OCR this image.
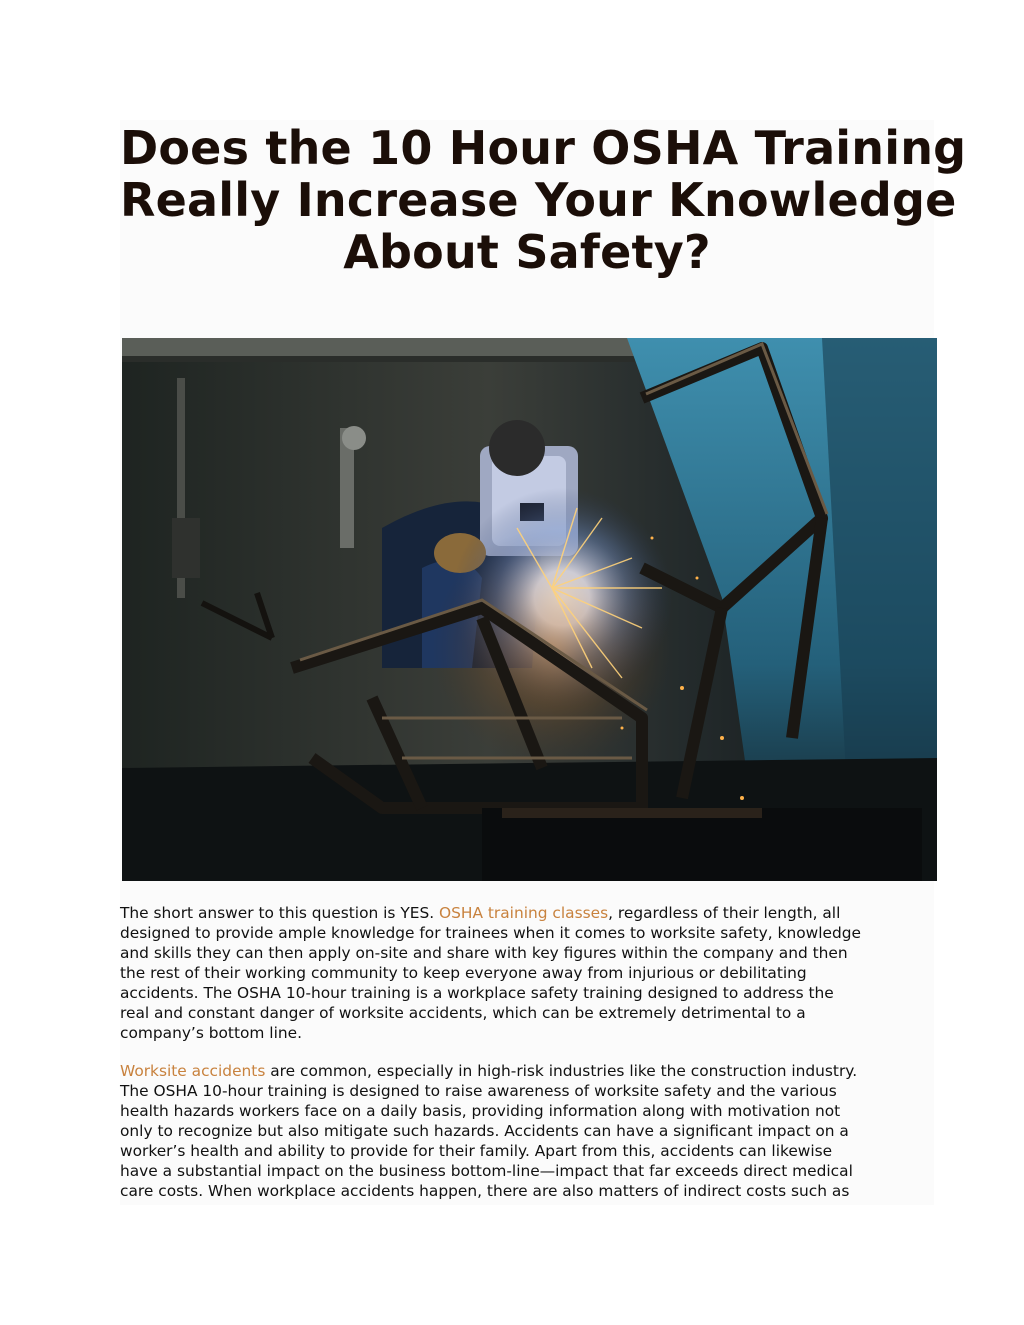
Does the 10 Hour OSHA Training
Really Increase Your Knowledge
About Safety?

The short answer to this question is YES. OSHA training classes, regardless of their length, all
designed to provide ample knowledge for trainees when it comes to worksite safety, knowledge
and skills they can then apply on-site and share with key figures within the company and then
the rest of their working community to keep everyone away from injurious or debilitating
accidents. The OSHA 10-hour training is a workplace safety training designed to address the
real and constant danger of worksite accidents, which can be extremely detrimental to a
company’s bottom line.

Worksite accidents are common, especially in high-risk industries like the construction industry.
The OSHA 10-hour training is designed to raise awareness of worksite safety and the various
health hazards workers face on a daily basis, providing information along with motivation not
only to recognize but also mitigate such hazards. Accidents can have a significant impact on a
worker’s health and ability to provide for their family. Apart from this, accidents can likewise
have a substantial impact on the business bottom-line—impact that far exceeds direct medical
care costs. When workplace accidents happen, there are also matters of indirect costs such as
